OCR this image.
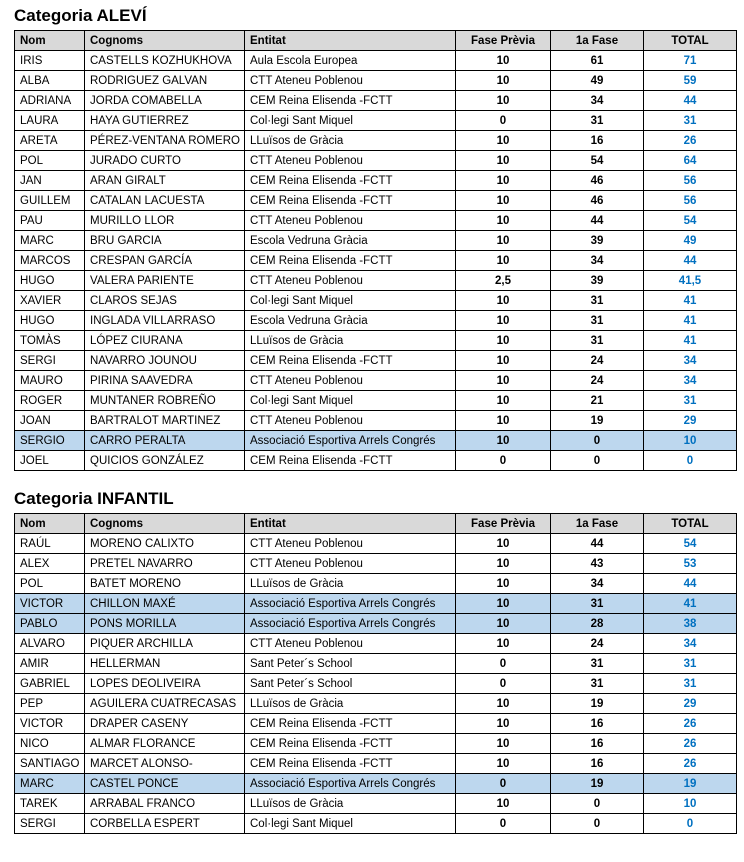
Categoria ALEVÍ
Nom	Cognoms	Entitat	Fase Prèvia	1a Fase	TOTAL
IRIS	CASTELLS KOZHUKHOVA	Aula Escola Europea	10	61	71
ALBA	RODRIGUEZ GALVAN	CTT Ateneu Poblenou	10	49	59
ADRIANA	JORDA COMABELLA	CEM Reina Elisenda -FCTT	10	34	44
LAURA	HAYA GUTIERREZ	Col·legi Sant Miquel	0	31	31
ARETA	PÉREZ-VENTANA ROMERO	LLuïsos de Gràcia	10	16	26
POL	JURADO CURTO	CTT Ateneu Poblenou	10	54	64
JAN	ARAN GIRALT	CEM Reina Elisenda -FCTT	10	46	56
GUILLEM	CATALAN LACUESTA	CEM Reina Elisenda -FCTT	10	46	56
PAU	MURILLO LLOR	CTT Ateneu Poblenou	10	44	54
MARC	BRU GARCIA	Escola Vedruna Gràcia	10	39	49
MARCOS	CRESPAN GARCÍA	CEM Reina Elisenda -FCTT	10	34	44
HUGO	VALERA PARIENTE	CTT Ateneu Poblenou	2,5	39	41,5
XAVIER	CLAROS SEJAS	Col·legi Sant Miquel	10	31	41
HUGO	INGLADA VILLARRASO	Escola Vedruna Gràcia	10	31	41
TOMÀS	LÓPEZ CIURANA	LLuïsos de Gràcia	10	31	41
SERGI	NAVARRO JOUNOU	CEM Reina Elisenda -FCTT	10	24	34
MAURO	PIRINA SAAVEDRA	CTT Ateneu Poblenou	10	24	34
ROGER	MUNTANER ROBREÑO	Col·legi Sant Miquel	10	21	31
JOAN	BARTRALOT MARTINEZ	CTT Ateneu Poblenou	10	19	29
SERGIO	CARRO PERALTA	Associació Esportiva Arrels Congrés	10	0	10
JOEL	QUICIOS GONZÁLEZ	CEM Reina Elisenda -FCTT	0	0	0
Categoria INFANTIL
Nom	Cognoms	Entitat	Fase Prèvia	1a Fase	TOTAL
RAÚL	MORENO CALIXTO	CTT Ateneu Poblenou	10	44	54
ALEX	PRETEL NAVARRO	CTT Ateneu Poblenou	10	43	53
POL	BATET MORENO	LLuïsos de Gràcia	10	34	44
VICTOR	CHILLON MAXÉ	Associació Esportiva Arrels Congrés	10	31	41
PABLO	PONS MORILLA	Associació Esportiva Arrels Congrés	10	28	38
ALVARO	PIQUER ARCHILLA	CTT Ateneu Poblenou	10	24	34
AMIR	HELLERMAN	Sant Peter´s School	0	31	31
GABRIEL	LOPES DEOLIVEIRA	Sant Peter´s School	0	31	31
PEP	AGUILERA CUATRECASAS	LLuïsos de Gràcia	10	19	29
VICTOR	DRAPER CASENY	CEM Reina Elisenda -FCTT	10	16	26
NICO	ALMAR FLORANCE	CEM Reina Elisenda -FCTT	10	16	26
SANTIAGO	MARCET ALONSO-	CEM Reina Elisenda -FCTT	10	16	26
MARC	CASTEL PONCE	Associació Esportiva Arrels Congrés	0	19	19
TAREK	ARRABAL FRANCO	LLuïsos de Gràcia	10	0	10
SERGI	CORBELLA ESPERT	Col·legi Sant Miquel	0	0	0
